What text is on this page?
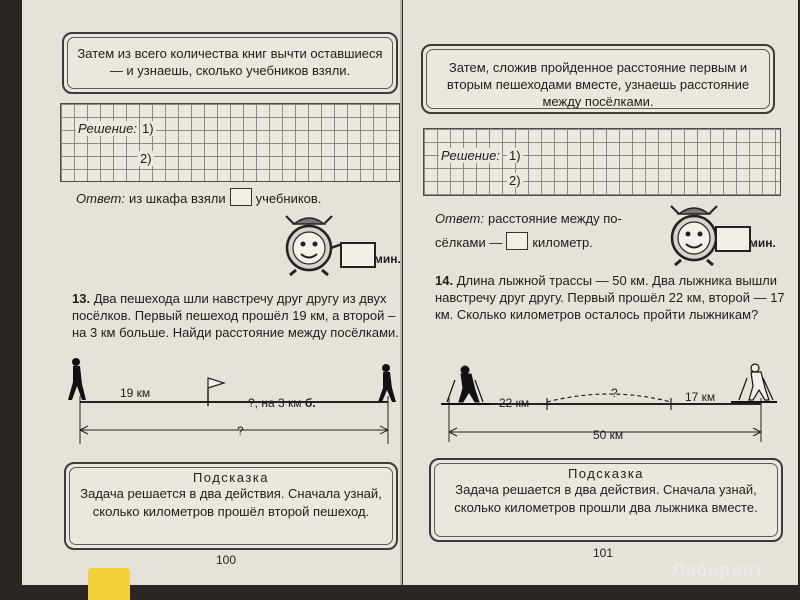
Затем из всего количества книг вычти оставшиеся — и узнаешь, сколько учебников взяли.
Решение: 1)
2)
Ответ: из шкафа взяли учебников.
мин.
13. Два пешехода шли навстречу друг другу из двух посёлков. Первый пешеход прошёл 19 км, а второй – на 3 км больше. Найди расстояние между посёлками.
19 км
?, на 3 км б.
?
Подсказка
Задача решается в два действия. Сначала узнай, сколько километров прошёл второй пешеход.
100
Затем, сложив пройденное расстояние первым и вторым пешеходами вместе, узнаешь расстояние между посёлками.
Решение: 1)
2)
Ответ: расстояние между по-
сёлками — километр.	мин.
14. Длина лыжной трассы — 50 км. Два лыжника вышли навстречу друг другу. Первый прошёл 22 км, второй — 17 км. Сколько километров осталось пройти лыжникам?
22 км
?	17 км
50 км
Подсказка
Задача решается в два действия. Сначала узнай, сколько километров прошли два лыжника вместе.
101
Лабиринт
